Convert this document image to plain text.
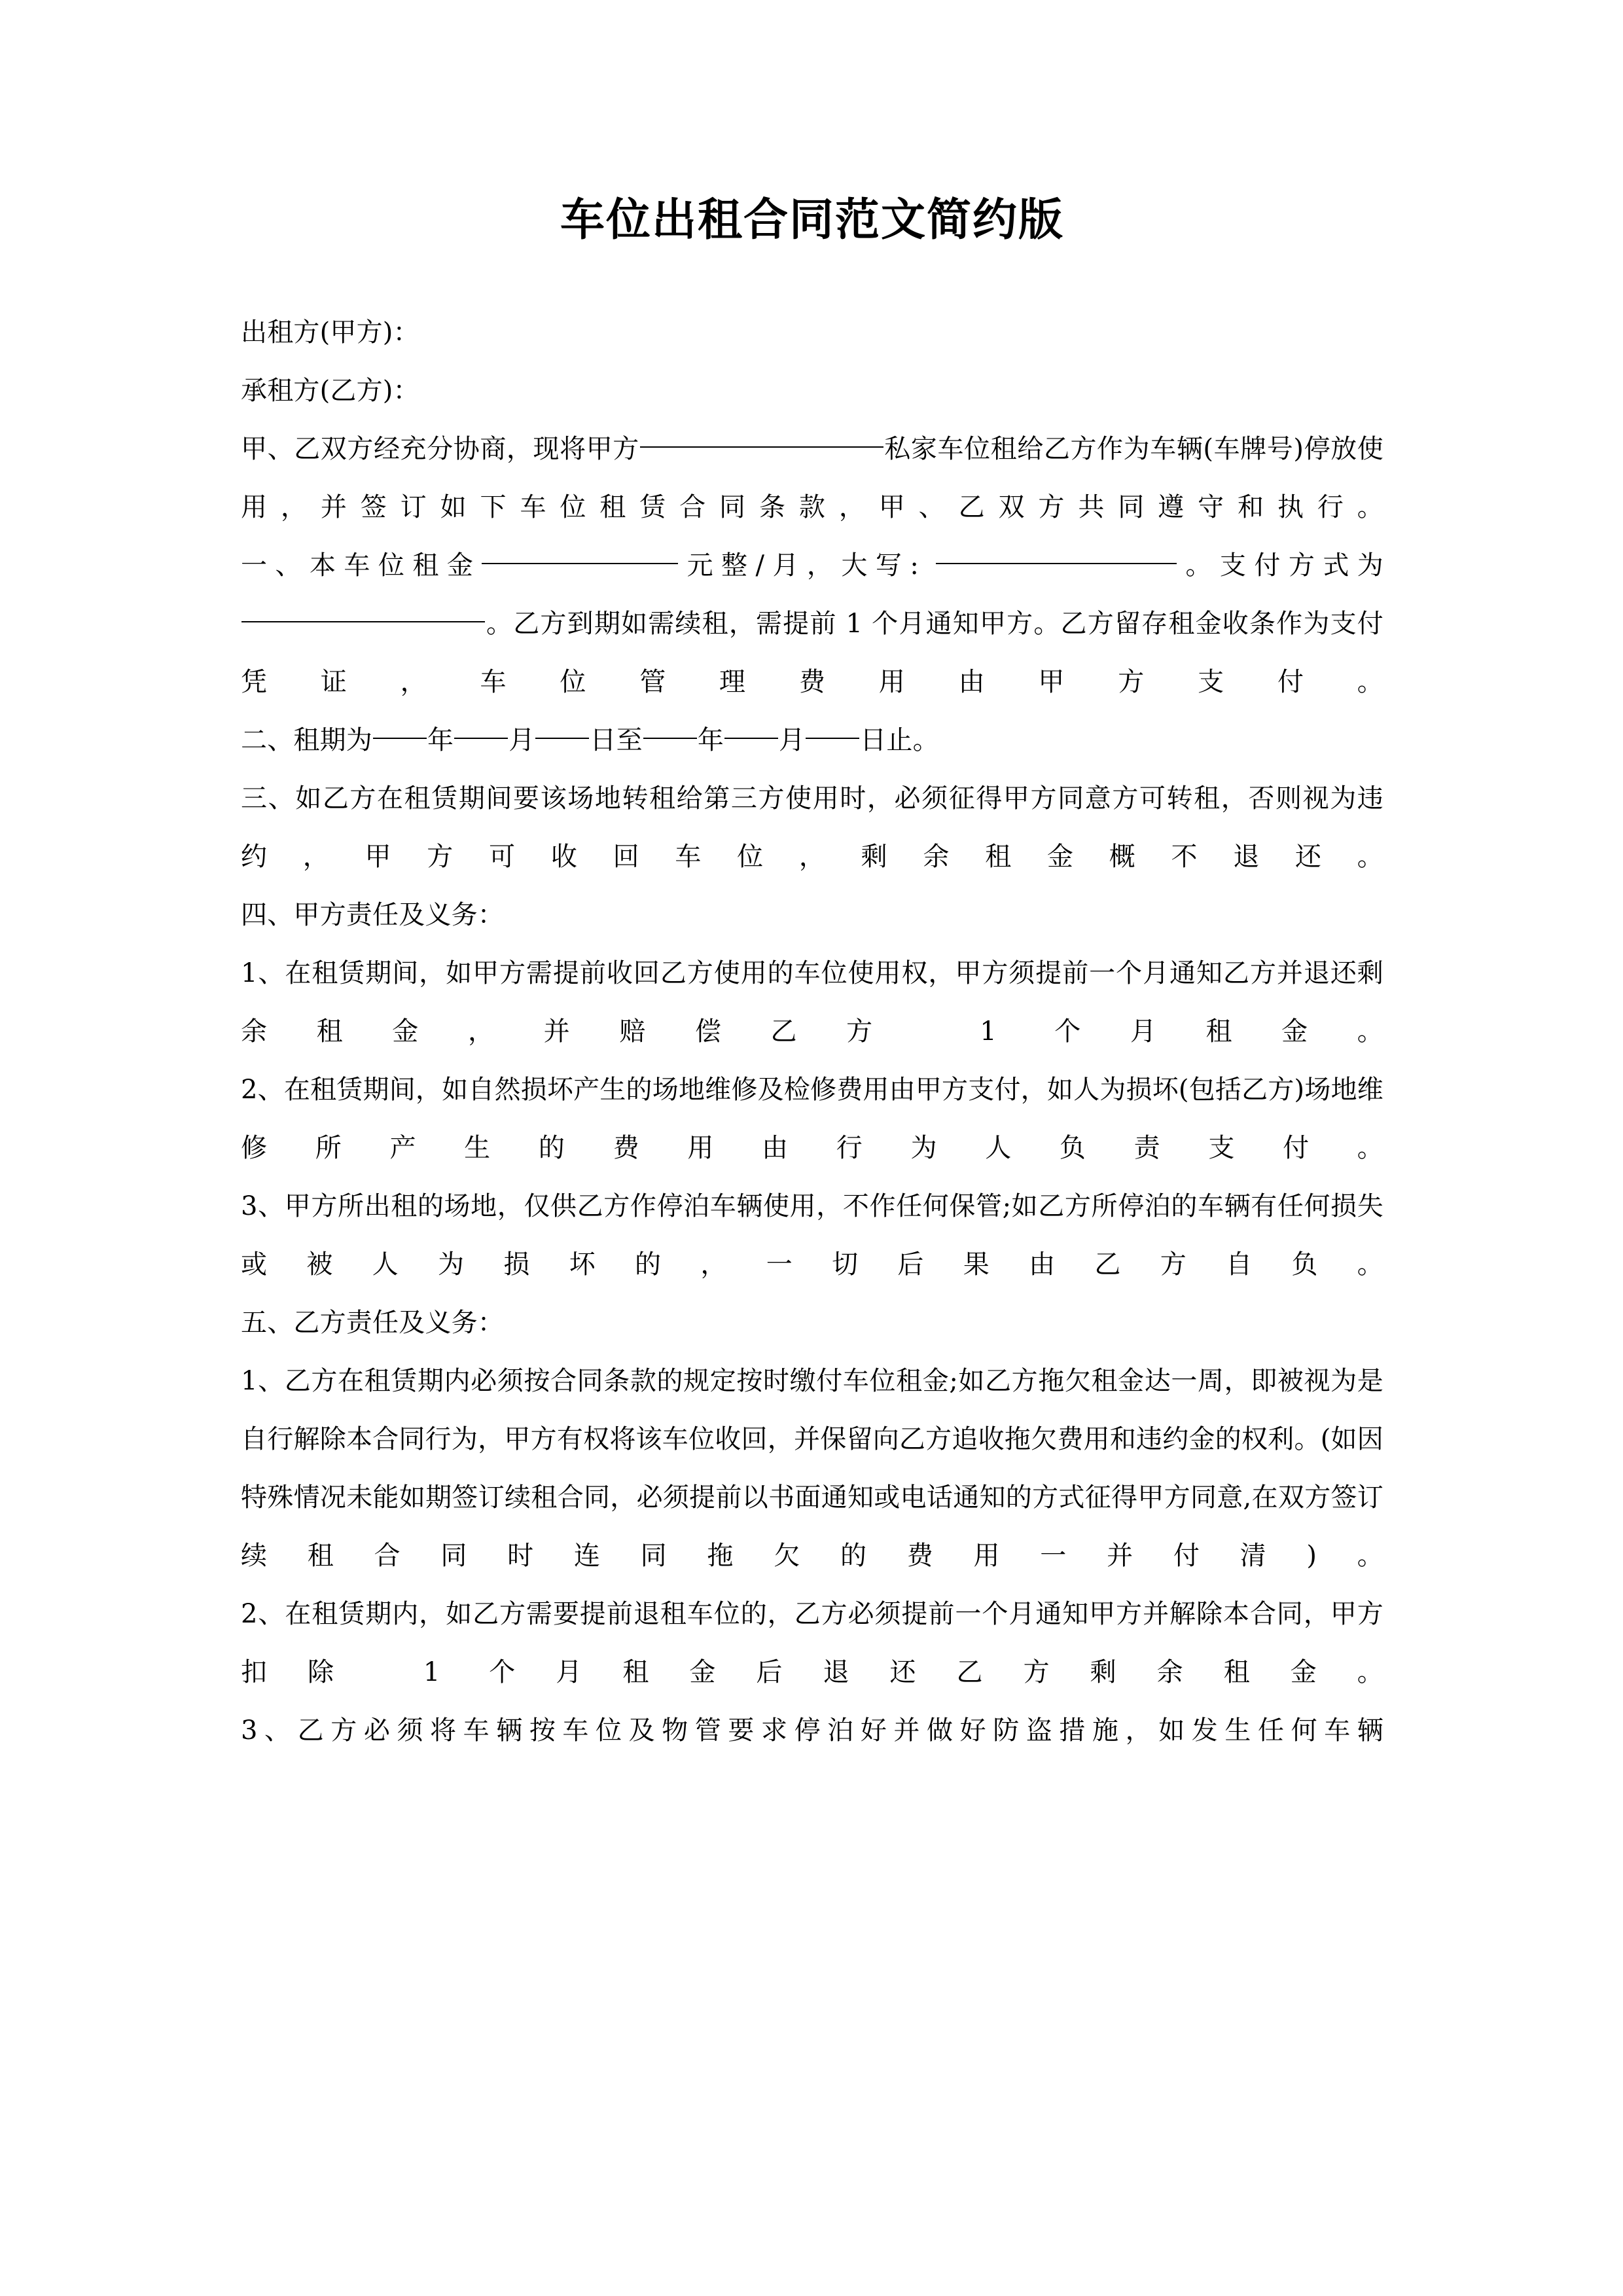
车位出租合同范文简约版

出租方(甲方)：

承租方(乙方)：

甲、乙双方经充分协商，现将甲方	私家车位租给乙方作为车辆(车牌号)停放使用，并签订如下车位租赁合同条款，甲、乙双方共同遵守和执行。

一、本车位租金	元整/月，大写:	。支付方式为 。乙方到期如需续租，需提前 1 个月通知甲方。乙方留存租金收条作为支付凭证，车位管理费用由甲方支付。

二、租期为 年 月 日至 年 月 日止。

三、如乙方在租赁期间要该场地转租给第三方使用时，必须征得甲方同意方可转租，否则视为违约，甲方可收回车位，剩余租金概不退还。

四、甲方责任及义务：

1、在租赁期间，如甲方需提前收回乙方使用的车位使用权，甲方须提前一个月通知乙方并退还剩余租金，并赔偿乙方 1 个月租金。

2、在租赁期间，如自然损坏产生的场地维修及检修费用由甲方支付，如人为损坏(包括乙方)场地维修所产生的费用由行为人负责支付。

3、甲方所出租的场地，仅供乙方作停泊车辆使用，不作任何保管;如乙方所停泊的车辆有任何损失或被人为损坏的，一切后果由乙方自负。

五、乙方责任及义务：

1、乙方在租赁期内必须按合同条款的规定按时缴付车位租金;如乙方拖欠租金达一周，即被视为是自行解除本合同行为，甲方有权将该车位收回，并保留向乙方追收拖欠费用和违约金的权利。(如因特殊情况未能如期签订续租合同，必须提前以书面通知或电话通知的方式征得甲方同意,在双方签订续租合同时连同拖欠的费用一并付清)。

2、在租赁期内，如乙方需要提前退租车位的，乙方必须提前一个月通知甲方并解除本合同，甲方扣除 1 个月租金后退还乙方剩余租金。

3、乙方必须将车辆按车位及物管要求停泊好并做好防盗措施，如发生任何车辆
